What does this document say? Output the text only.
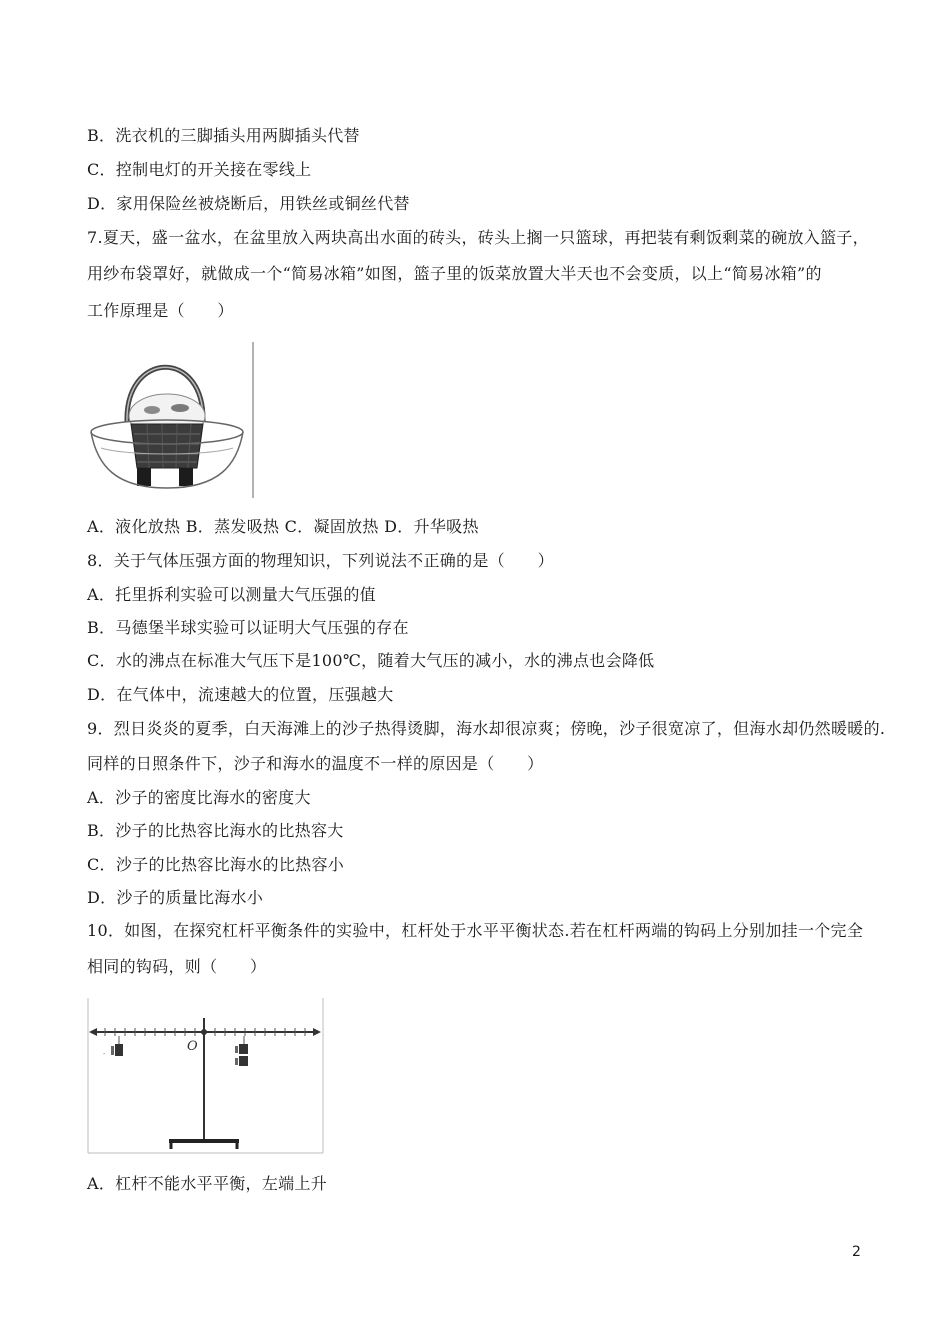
B．洗衣机的三脚插头用两脚插头代替
C．控制电灯的开关接在零线上
D．家用保险丝被烧断后，用铁丝或铜丝代替
7.夏天，盛一盆水，在盆里放入两块高出水面的砖头，砖头上搁一只篮球，再把装有剩饭剩菜的碗放入篮子，
用纱布袋罩好，就做成一个“简易冰箱”如图，篮子里的饭菜放置大半天也不会变质，以上“简易冰箱”的
工作原理是（　　）
A．液化放热 B．蒸发吸热 C．凝固放热 D．升华吸热
8．关于气体压强方面的物理知识，下列说法不正确的是（　　）
A．托里拆利实验可以测量大气压强的值
B．马德堡半球实验可以证明大气压强的存在
C．水的沸点在标准大气压下是100℃，随着大气压的减小，水的沸点也会降低
D．在气体中，流速越大的位置，压强越大
9．烈日炎炎的夏季，白天海滩上的沙子热得烫脚，海水却很凉爽；傍晚，沙子很宽凉了，但海水却仍然暖暖的.
同样的日照条件下，沙子和海水的温度不一样的原因是（　　）
A．沙子的密度比海水的密度大
B．沙子的比热容比海水的比热容大
C．沙子的比热容比海水的比热容小
D．沙子的质量比海水小
10．如图，在探究杠杆平衡条件的实验中，杠杆处于水平平衡状态.若在杠杆两端的钩码上分别加挂一个完全
相同的钩码，则（　　）
O
-
A．杠杆不能水平平衡，左端上升
2
